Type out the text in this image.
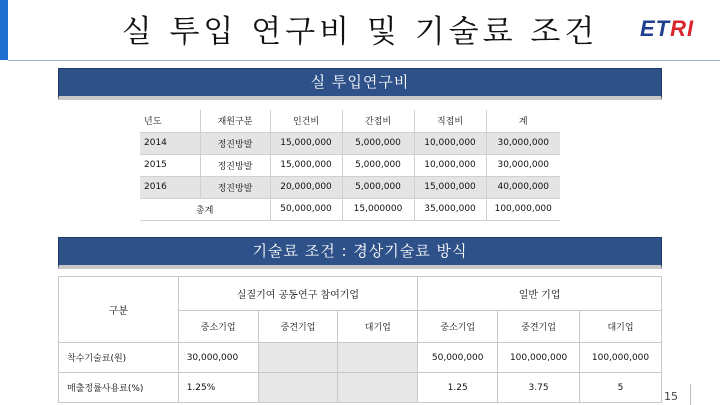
실 투입 연구비 및 기술료 조건	ETRI
실 투입연구비
년도	재원구분	인건비	간접비	직접비	계
2014	정진방발	15,000,000	5,000,000	10,000,000	30,000,000
2015	정진방발	15,000,000	5,000,000	10,000,000	30,000,000
2016	정진방발	20,000,000	5,000,000	15,000,000	40,000,000
총계		50,000,000	15,000000	35,000,000	100,000,000
기술료 조건 : 경상기술료 방식
구분	실질기여 공동연구 참여기업			일반 기업		
	중소기업	중견기업	대기업	중소기업	중견기업	대기업
착수기술료(원)	30,000,000			50,000,000	100,000,000	100,000,000
매출정률사용료(%)	1.25%			1.25	3.75	5
15
